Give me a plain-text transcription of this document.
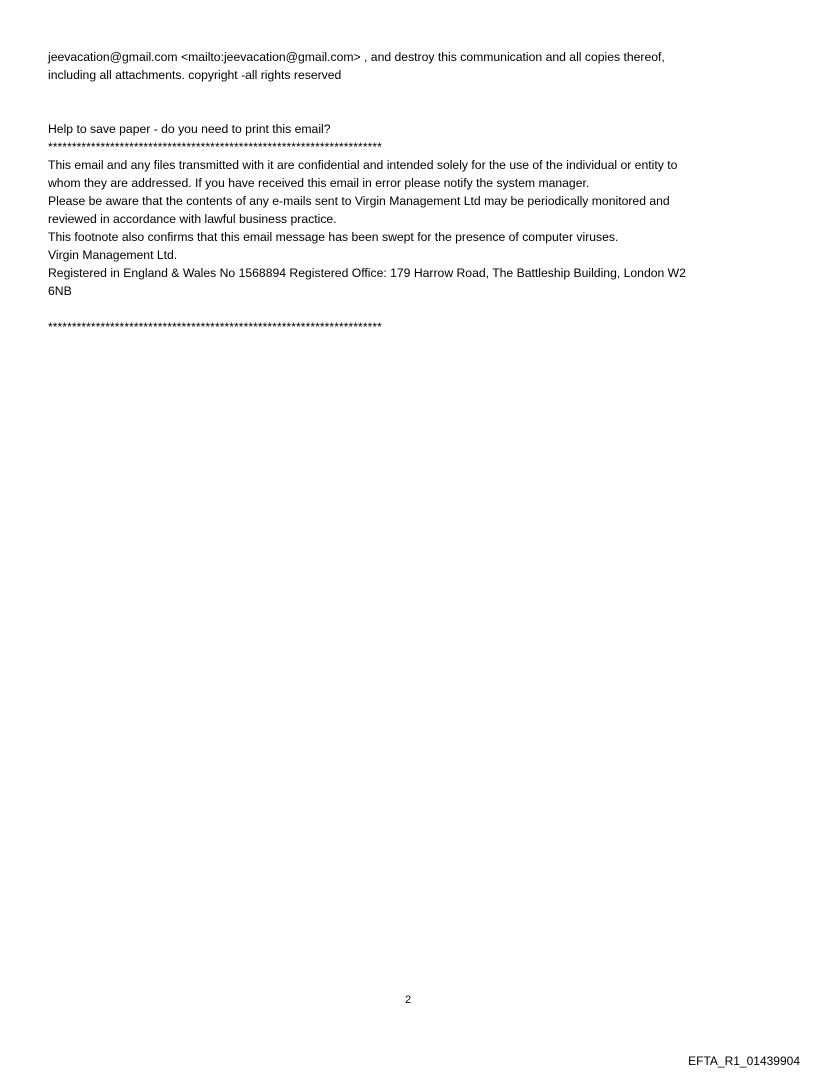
jeevacation@gmail.com <mailto:jeevacation@gmail.com> , and destroy this communication and all copies thereof,
including all attachments. copyright -all rights reserved
Help to save paper - do you need to print this email?
**********************************************************************
This email and any files transmitted with it are confidential and intended solely for the use of the individual or entity to
whom they are addressed. If you have received this email in error please notify the system manager.
Please be aware that the contents of any e-mails sent to Virgin Management Ltd may be periodically monitored and
reviewed in accordance with lawful business practice.
This footnote also confirms that this email message has been swept for the presence of computer viruses.
Virgin Management Ltd.
Registered in England & Wales No 1568894 Registered Office: 179 Harrow Road, The Battleship Building, London W2
6NB
**********************************************************************
2
EFTA_R1_01439904
